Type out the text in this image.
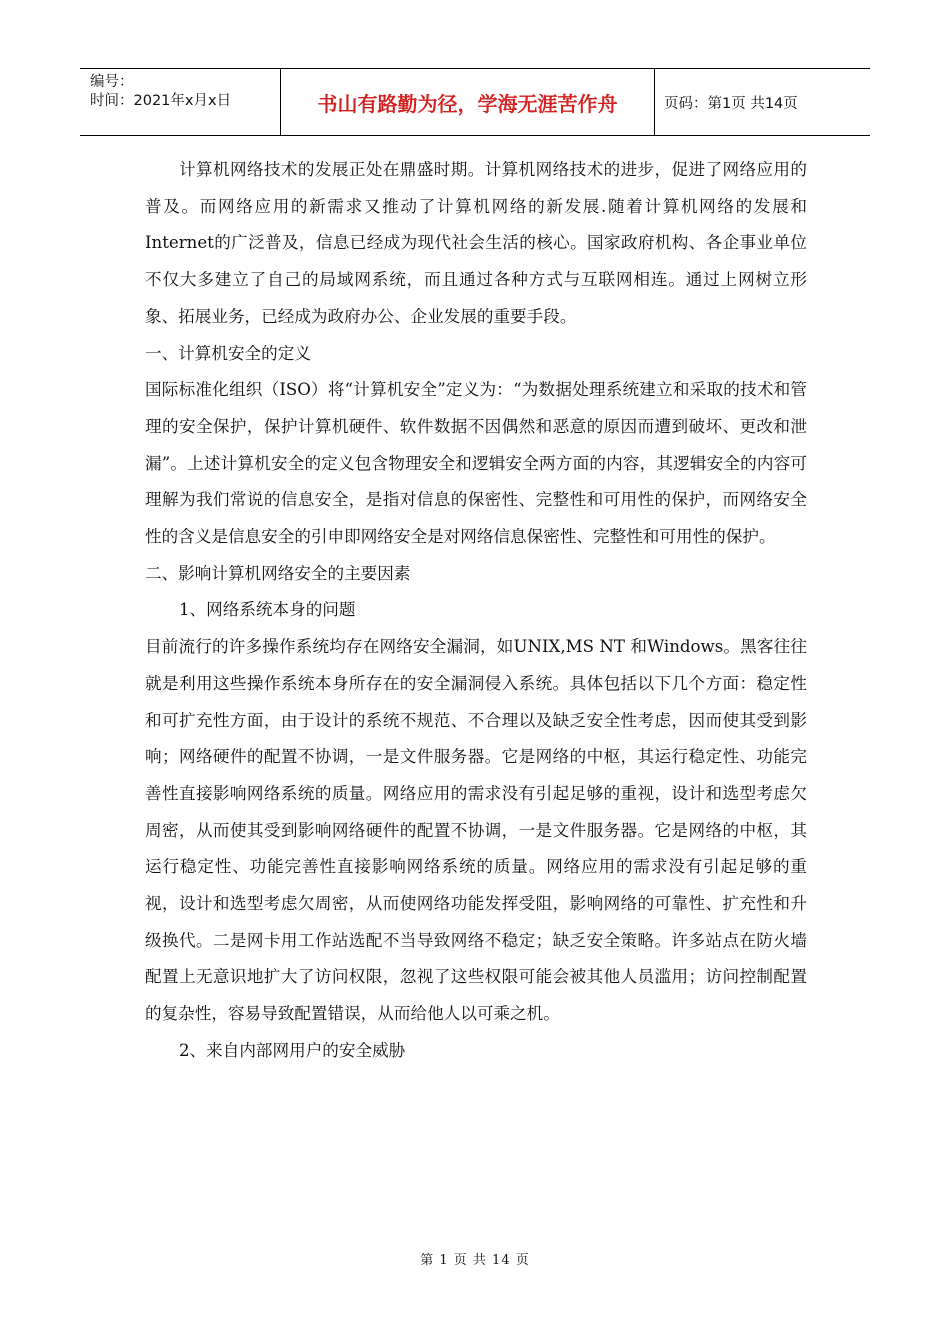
编号：
时间：2021年x月x日	书山有路勤为径，学海无涯苦作舟	页码：第1页 共14页

计算机网络技术的发展正处在鼎盛时期。计算机网络技术的进步，促进了网络应用的普及。而网络应用的新需求又推动了计算机网络的新发展.随着计算机网络的发展和Internet的广泛普及，信息已经成为现代社会生活的核心。国家政府机构、各企事业单位不仅大多建立了自己的局域网系统，而且通过各种方式与互联网相连。通过上网树立形象、拓展业务，已经成为政府办公、企业发展的重要手段。

一、计算机安全的定义

国际标准化组织（ISO）将“计算机安全”定义为：“为数据处理系统建立和采取的技术和管理的安全保护，保护计算机硬件、软件数据不因偶然和恶意的原因而遭到破坏、更改和泄漏”。上述计算机安全的定义包含物理安全和逻辑安全两方面的内容，其逻辑安全的内容可理解为我们常说的信息安全，是指对信息的保密性、完整性和可用性的保护，而网络安全性的含义是信息安全的引申即网络安全是对网络信息保密性、完整性和可用性的保护。

二、影响计算机网络安全的主要因素

1、网络系统本身的问题

目前流行的许多操作系统均存在网络安全漏洞，如UNIX,MS NT 和Windows。黑客往往就是利用这些操作系统本身所存在的安全漏洞侵入系统。具体包括以下几个方面：稳定性和可扩充性方面，由于设计的系统不规范、不合理以及缺乏安全性考虑，因而使其受到影响；网络硬件的配置不协调，一是文件服务器。它是网络的中枢，其运行稳定性、功能完善性直接影响网络系统的质量。网络应用的需求没有引起足够的重视，设计和选型考虑欠周密，从而使其受到影响网络硬件的配置不协调，一是文件服务器。它是网络的中枢，其运行稳定性、功能完善性直接影响网络系统的质量。网络应用的需求没有引起足够的重视，设计和选型考虑欠周密，从而使网络功能发挥受阻，影响网络的可靠性、扩充性和升级换代。二是网卡用工作站选配不当导致网络不稳定；缺乏安全策略。许多站点在防火墙配置上无意识地扩大了访问权限，忽视了这些权限可能会被其他人员滥用；访问控制配置的复杂性，容易导致配置错误，从而给他人以可乘之机。

2、来自内部网用户的安全威胁

第 1 页 共 14 页
